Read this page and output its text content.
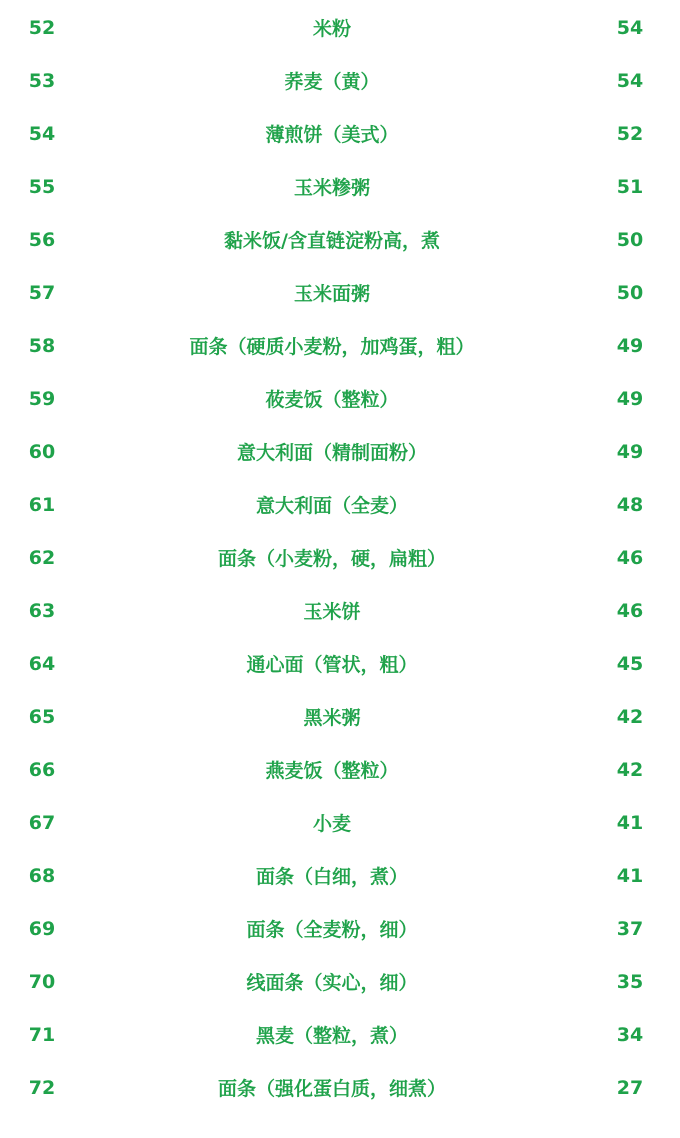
52	米粉	54
53	荞麦（黄）	54
54	薄煎饼（美式）	52
55	玉米糁粥	51
56	黏米饭/含直链淀粉高，煮	50
57	玉米面粥	50
58	面条（硬质小麦粉，加鸡蛋，粗）	49
59	莜麦饭（整粒）	49
60	意大利面（精制面粉）	49
61	意大利面（全麦）	48
62	面条（小麦粉，硬，扁粗）	46
63	玉米饼	46
64	通心面（管状，粗）	45
65	黑米粥	42
66	燕麦饭（整粒）	42
67	小麦	41
68	面条（白细，煮）	41
69	面条（全麦粉，细）	37
70	线面条（实心，细）	35
71	黑麦（整粒，煮）	34
72	面条（强化蛋白质，细煮）	27
